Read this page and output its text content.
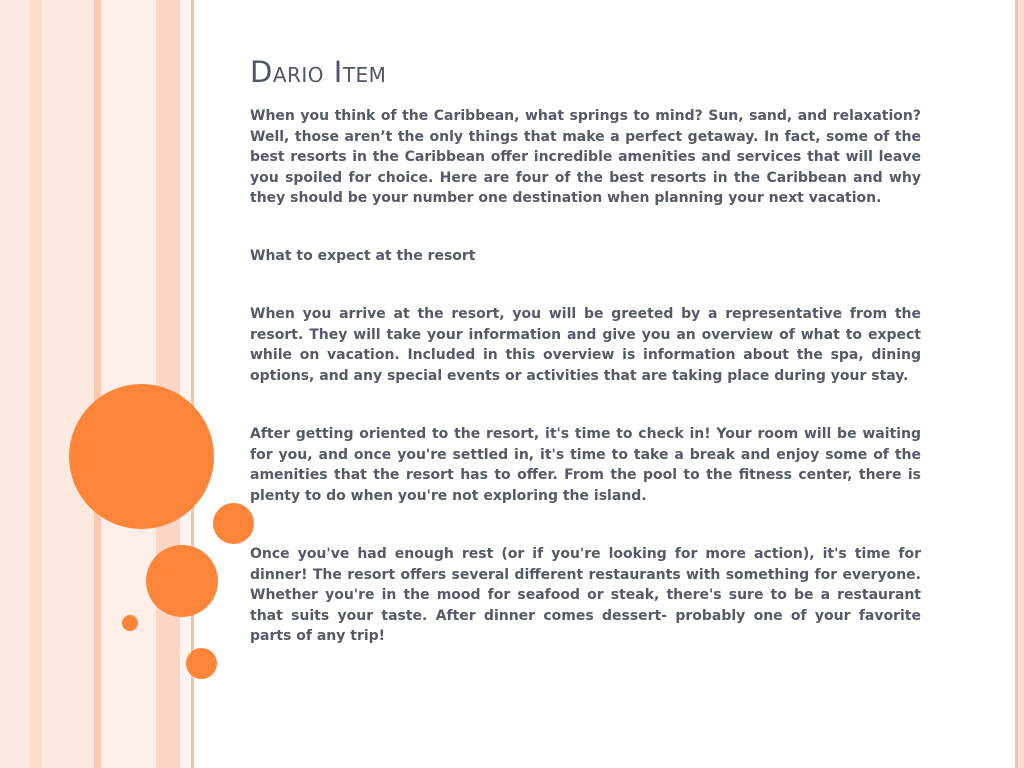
Dario Item

When you think of the Caribbean, what springs to mind? Sun, sand, and relaxation? Well, those aren’t the only things that make a perfect getaway. In fact, some of the best resorts in the Caribbean offer incredible amenities and services that will leave you spoiled for choice. Here are four of the best resorts in the Caribbean and why they should be your number one destination when planning your next vacation.

What to expect at the resort

When you arrive at the resort, you will be greeted by a representative from the resort. They will take your information and give you an overview of what to expect while on vacation. Included in this overview is information about the spa, dining options, and any special events or activities that are taking place during your stay.

After getting oriented to the resort, it's time to check in! Your room will be waiting for you, and once you're settled in, it's time to take a break and enjoy some of the amenities that the resort has to offer. From the pool to the fitness center, there is plenty to do when you're not exploring the island.

Once you've had enough rest (or if you're looking for more action), it's time for dinner! The resort offers several different restaurants with something for everyone. Whether you're in the mood for seafood or steak, there's sure to be a restaurant that suits your taste. After dinner comes dessert- probably one of your favorite parts of any trip!
